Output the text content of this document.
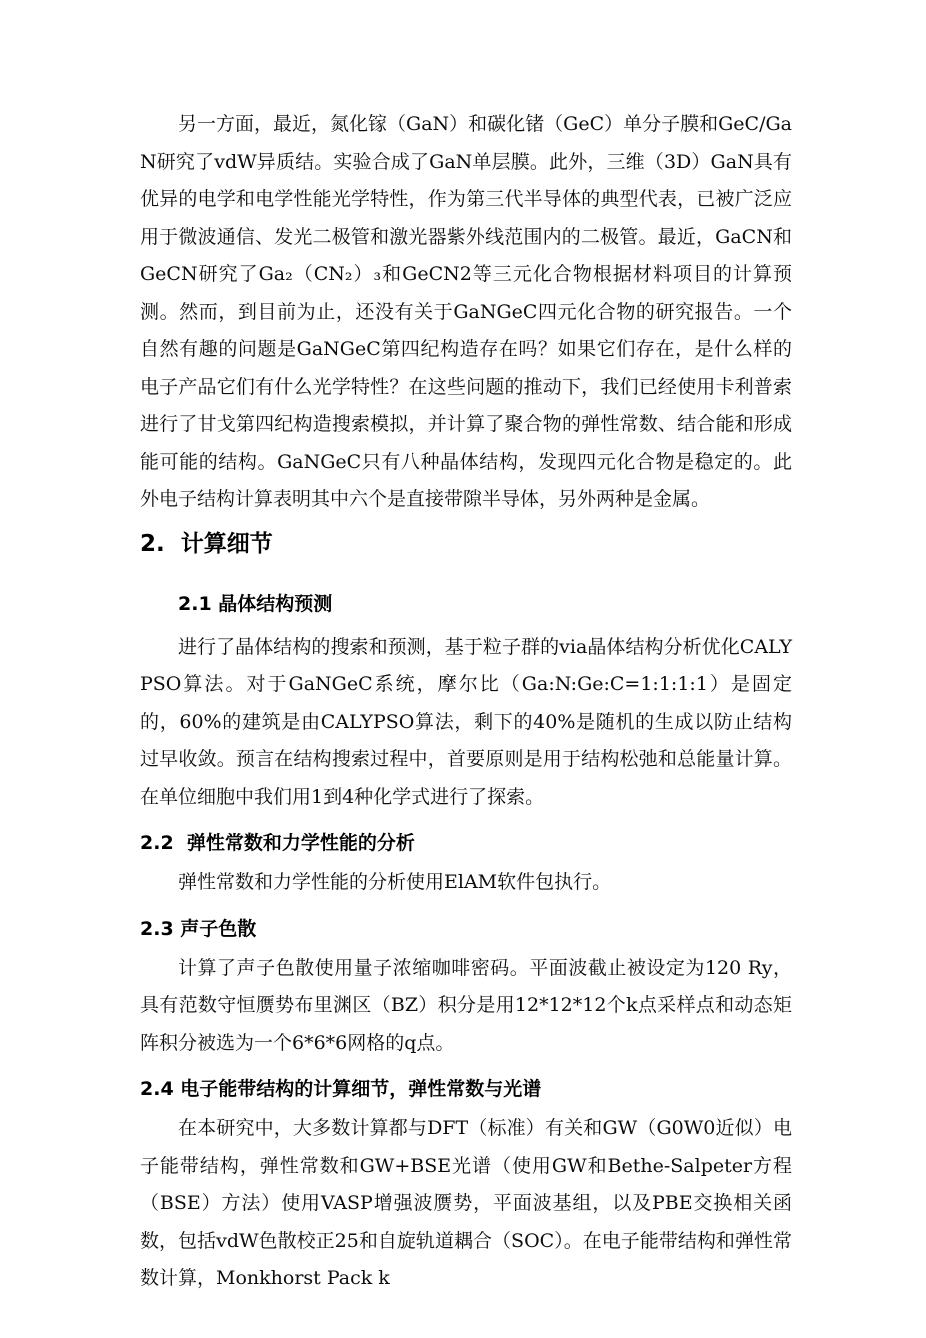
另一方面，最近，氮化镓（GaN）和碳化锗（GeC）单分子膜和GeC/GaN研究了vdW异质结。实验合成了GaN单层膜。此外，三维（3D）GaN具有优异的电学和电学性能光学特性，作为第三代半导体的典型代表，已被广泛应用于微波通信、发光二极管和激光器紫外线范围内的二极管。最近，GaCN和GeCN研究了Ga₂（CN₂）₃和GeCN2等三元化合物根据材料项目的计算预测。然而，到目前为止，还没有关于GaNGeC四元化合物的研究报告。一个自然有趣的问题是GaNGeC第四纪构造存在吗？如果它们存在，是什么样的电子产品它们有什么光学特性？在这些问题的推动下，我们已经使用卡利普索进行了甘戈第四纪构造搜索模拟，并计算了聚合物的弹性常数、结合能和形成能可能的结构。GaNGeC只有八种晶体结构，发现四元化合物是稳定的。此外电子结构计算表明其中六个是直接带隙半导体，另外两种是金属。

2.  计算细节
2.1 晶体结构预测

进行了晶体结构的搜索和预测，基于粒子群的via晶体结构分析优化CALYPSO算法。对于GaNGeC系统，摩尔比（Ga:N:Ge:C=1:1:1:1）是固定的，60%的建筑是由CALYPSO算法，剩下的40%是随机的生成以防止结构过早收敛。预言在结构搜索过程中，首要原则是用于结构松弛和总能量计算。在单位细胞中我们用1到4种化学式进行了探索。

2.2  弹性常数和力学性能的分析

弹性常数和力学性能的分析使用ElAM软件包执行。

2.3 声子色散

计算了声子色散使用量子浓缩咖啡密码。平面波截止被设定为120 Ry，具有范数守恒赝势布里渊区（BZ）积分是用12*12*12个k点采样点和动态矩阵积分被选为一个6*6*6网格的q点。

2.4 电子能带结构的计算细节，弹性常数与光谱

在本研究中，大多数计算都与DFT（标准）有关和GW（G0W0近似）电子能带结构，弹性常数和GW+BSE光谱（使用GW和Bethe-Salpeter方程（BSE）方法）使用VASP增强波赝势，平面波基组，以及PBE交换相关函数，包括vdW色散校正25和自旋轨道耦合（SOC）。在电子能带结构和弹性常数计算，Monkhorst Pack k
